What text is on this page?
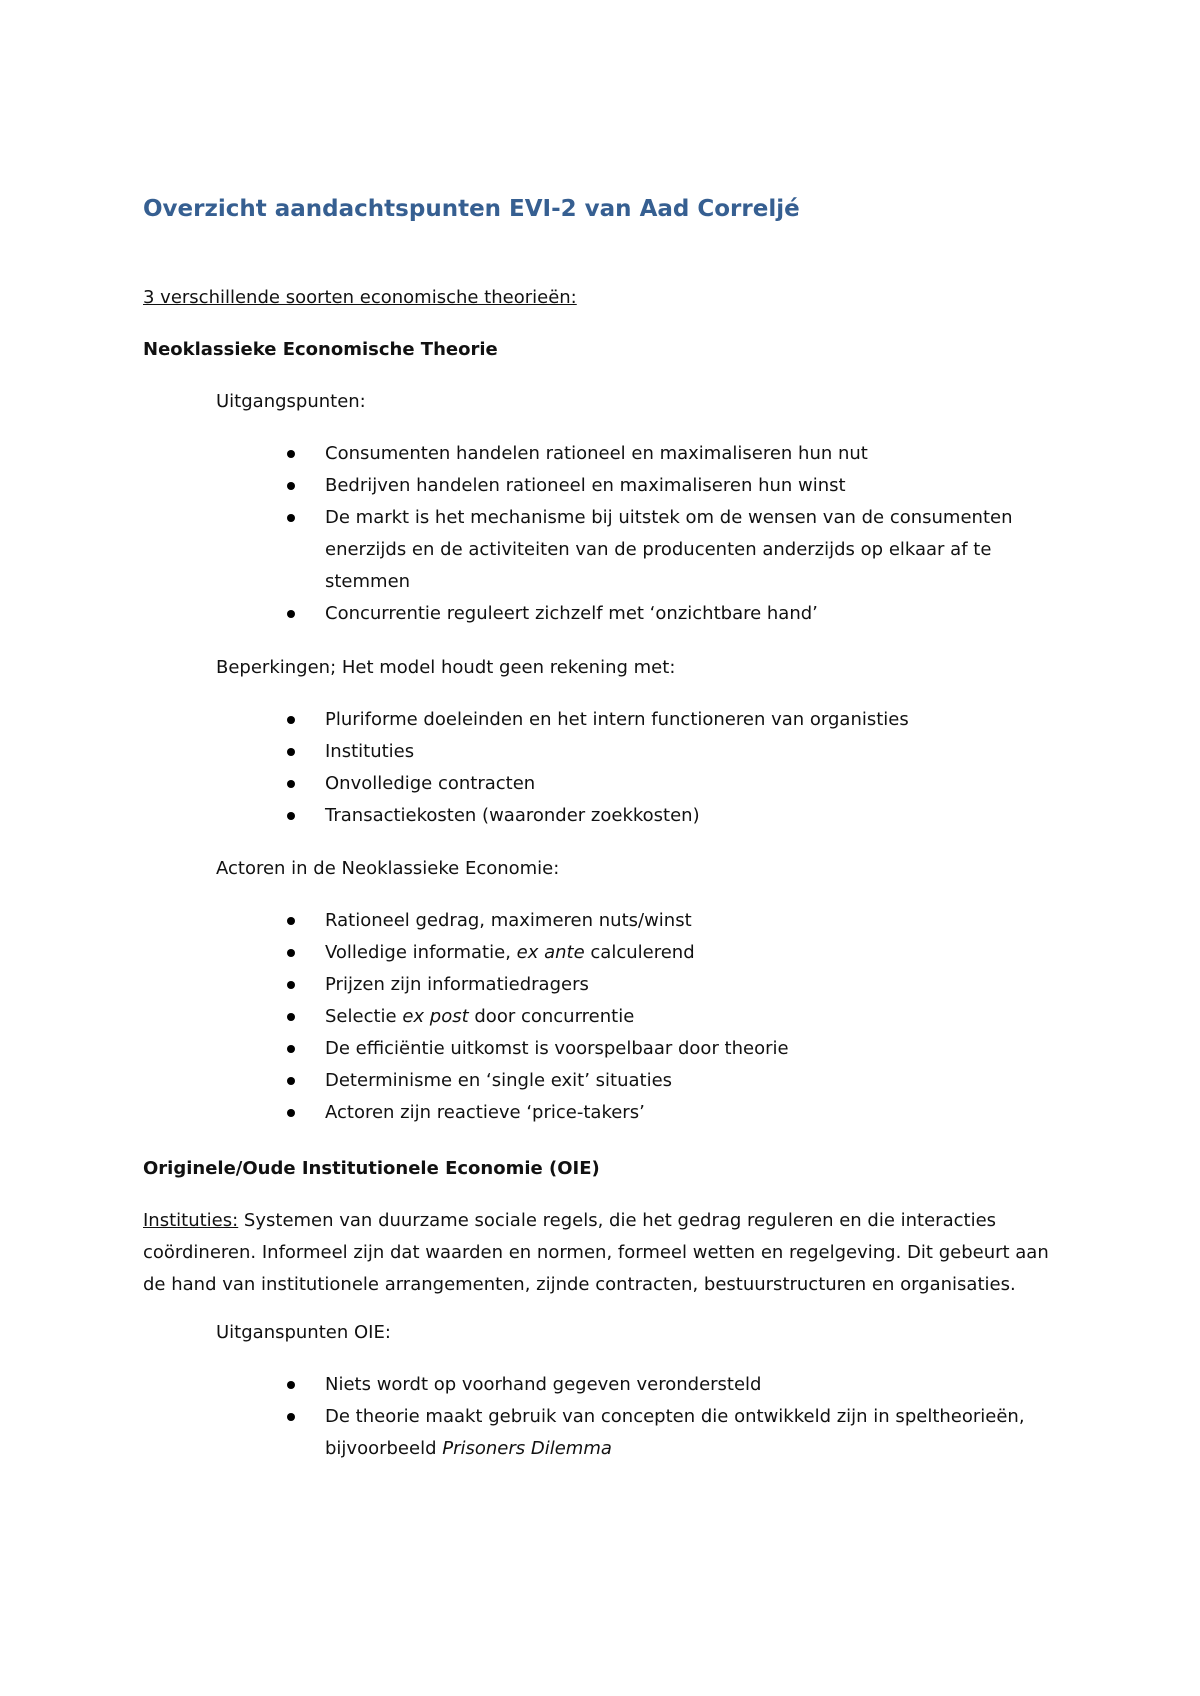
Overzicht aandachtspunten EVI-2 van Aad Correljé

3 verschillende soorten economische theorieën:

Neoklassieke Economische Theorie

Uitgangspunten:

Consumenten handelen rationeel en maximaliseren hun nut
Bedrijven handelen rationeel en maximaliseren hun winst
De markt is het mechanisme bij uitstek om de wensen van de consumenten enerzijds en de activiteiten van de producenten anderzijds op elkaar af te stemmen
Concurrentie reguleert zichzelf met ‘onzichtbare hand’

Beperkingen; Het model houdt geen rekening met:

Pluriforme doeleinden en het intern functioneren van organisties
Instituties
Onvolledige contracten
Transactiekosten (waaronder zoekkosten)

Actoren in de Neoklassieke Economie:

Rationeel gedrag, maximeren nuts/winst
Volledige informatie, ex ante calculerend
Prijzen zijn informatiedragers
Selectie ex post door concurrentie
De efficiëntie uitkomst is voorspelbaar door theorie
Determinisme en ‘single exit’ situaties
Actoren zijn reactieve ‘price-takers’

Originele/Oude Institutionele Economie (OIE)

Instituties: Systemen van duurzame sociale regels, die het gedrag reguleren en die interacties coördineren. Informeel zijn dat waarden en normen, formeel wetten en regelgeving. Dit gebeurt aan de hand van institutionele arrangementen, zijnde contracten, bestuurstructuren en organisaties.

Uitganspunten OIE:

Niets wordt op voorhand gegeven verondersteld
De theorie maakt gebruik van concepten die ontwikkeld zijn in speltheorieën, bijvoorbeeld Prisoners Dilemma
